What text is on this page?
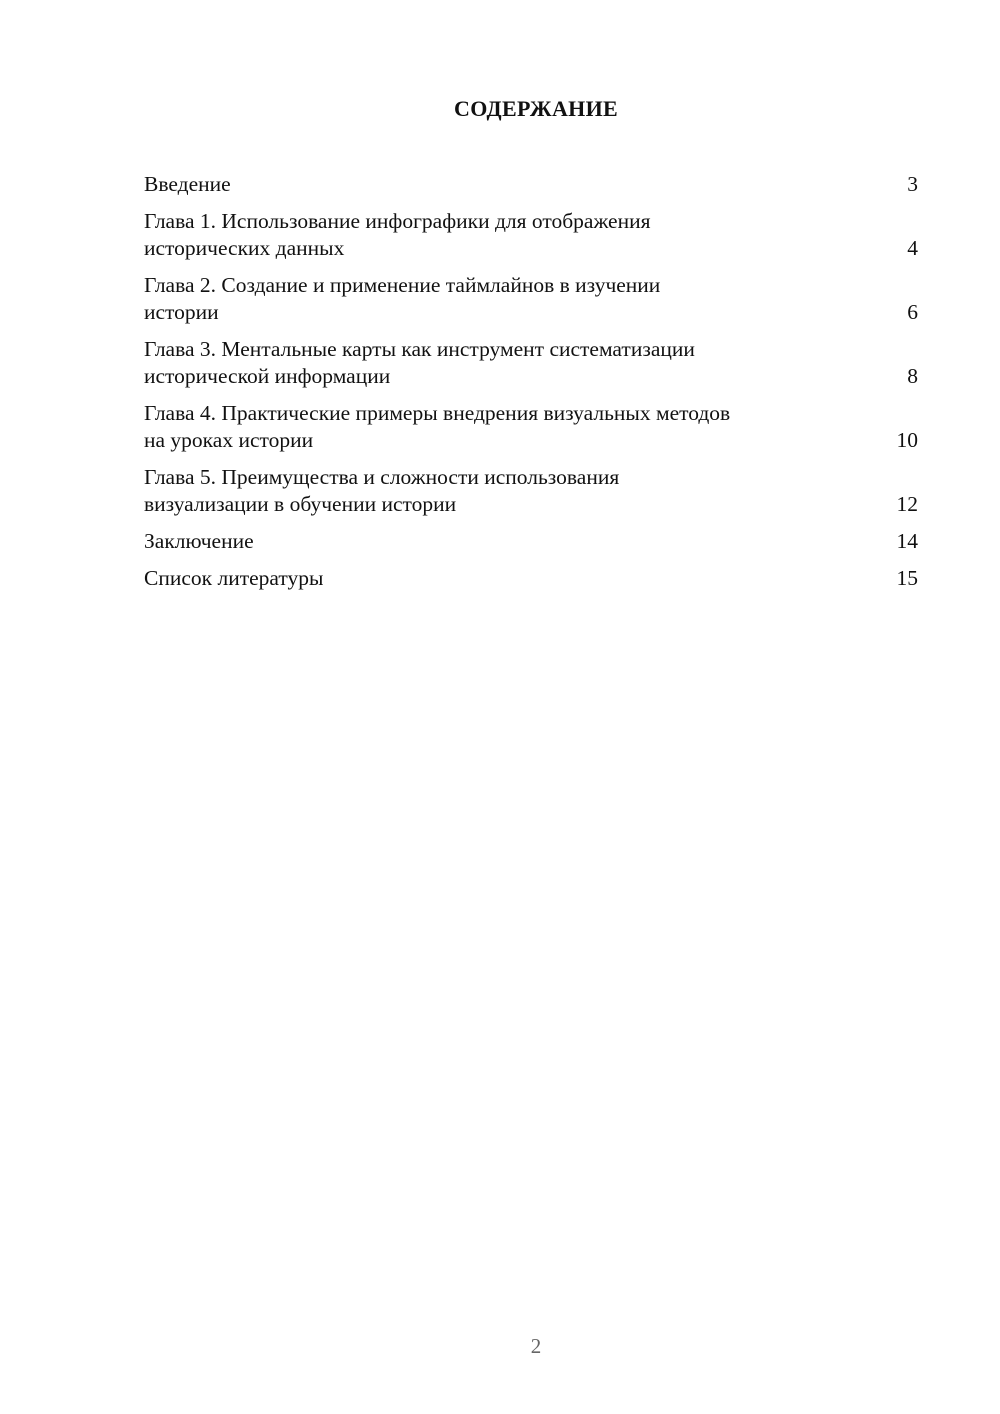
СОДЕРЖАНИЕ
Введение	3
Глава 1. Использование инфографики для отображения
исторических данных	4
Глава 2. Создание и применение таймлайнов в изучении
истории	6
Глава 3. Ментальные карты как инструмент систематизации
исторической информации	8
Глава 4. Практические примеры внедрения визуальных методов
на уроках истории	10
Глава 5. Преимущества и сложности использования
визуализации в обучении истории	12
Заключение	14
Список литературы	15
2
